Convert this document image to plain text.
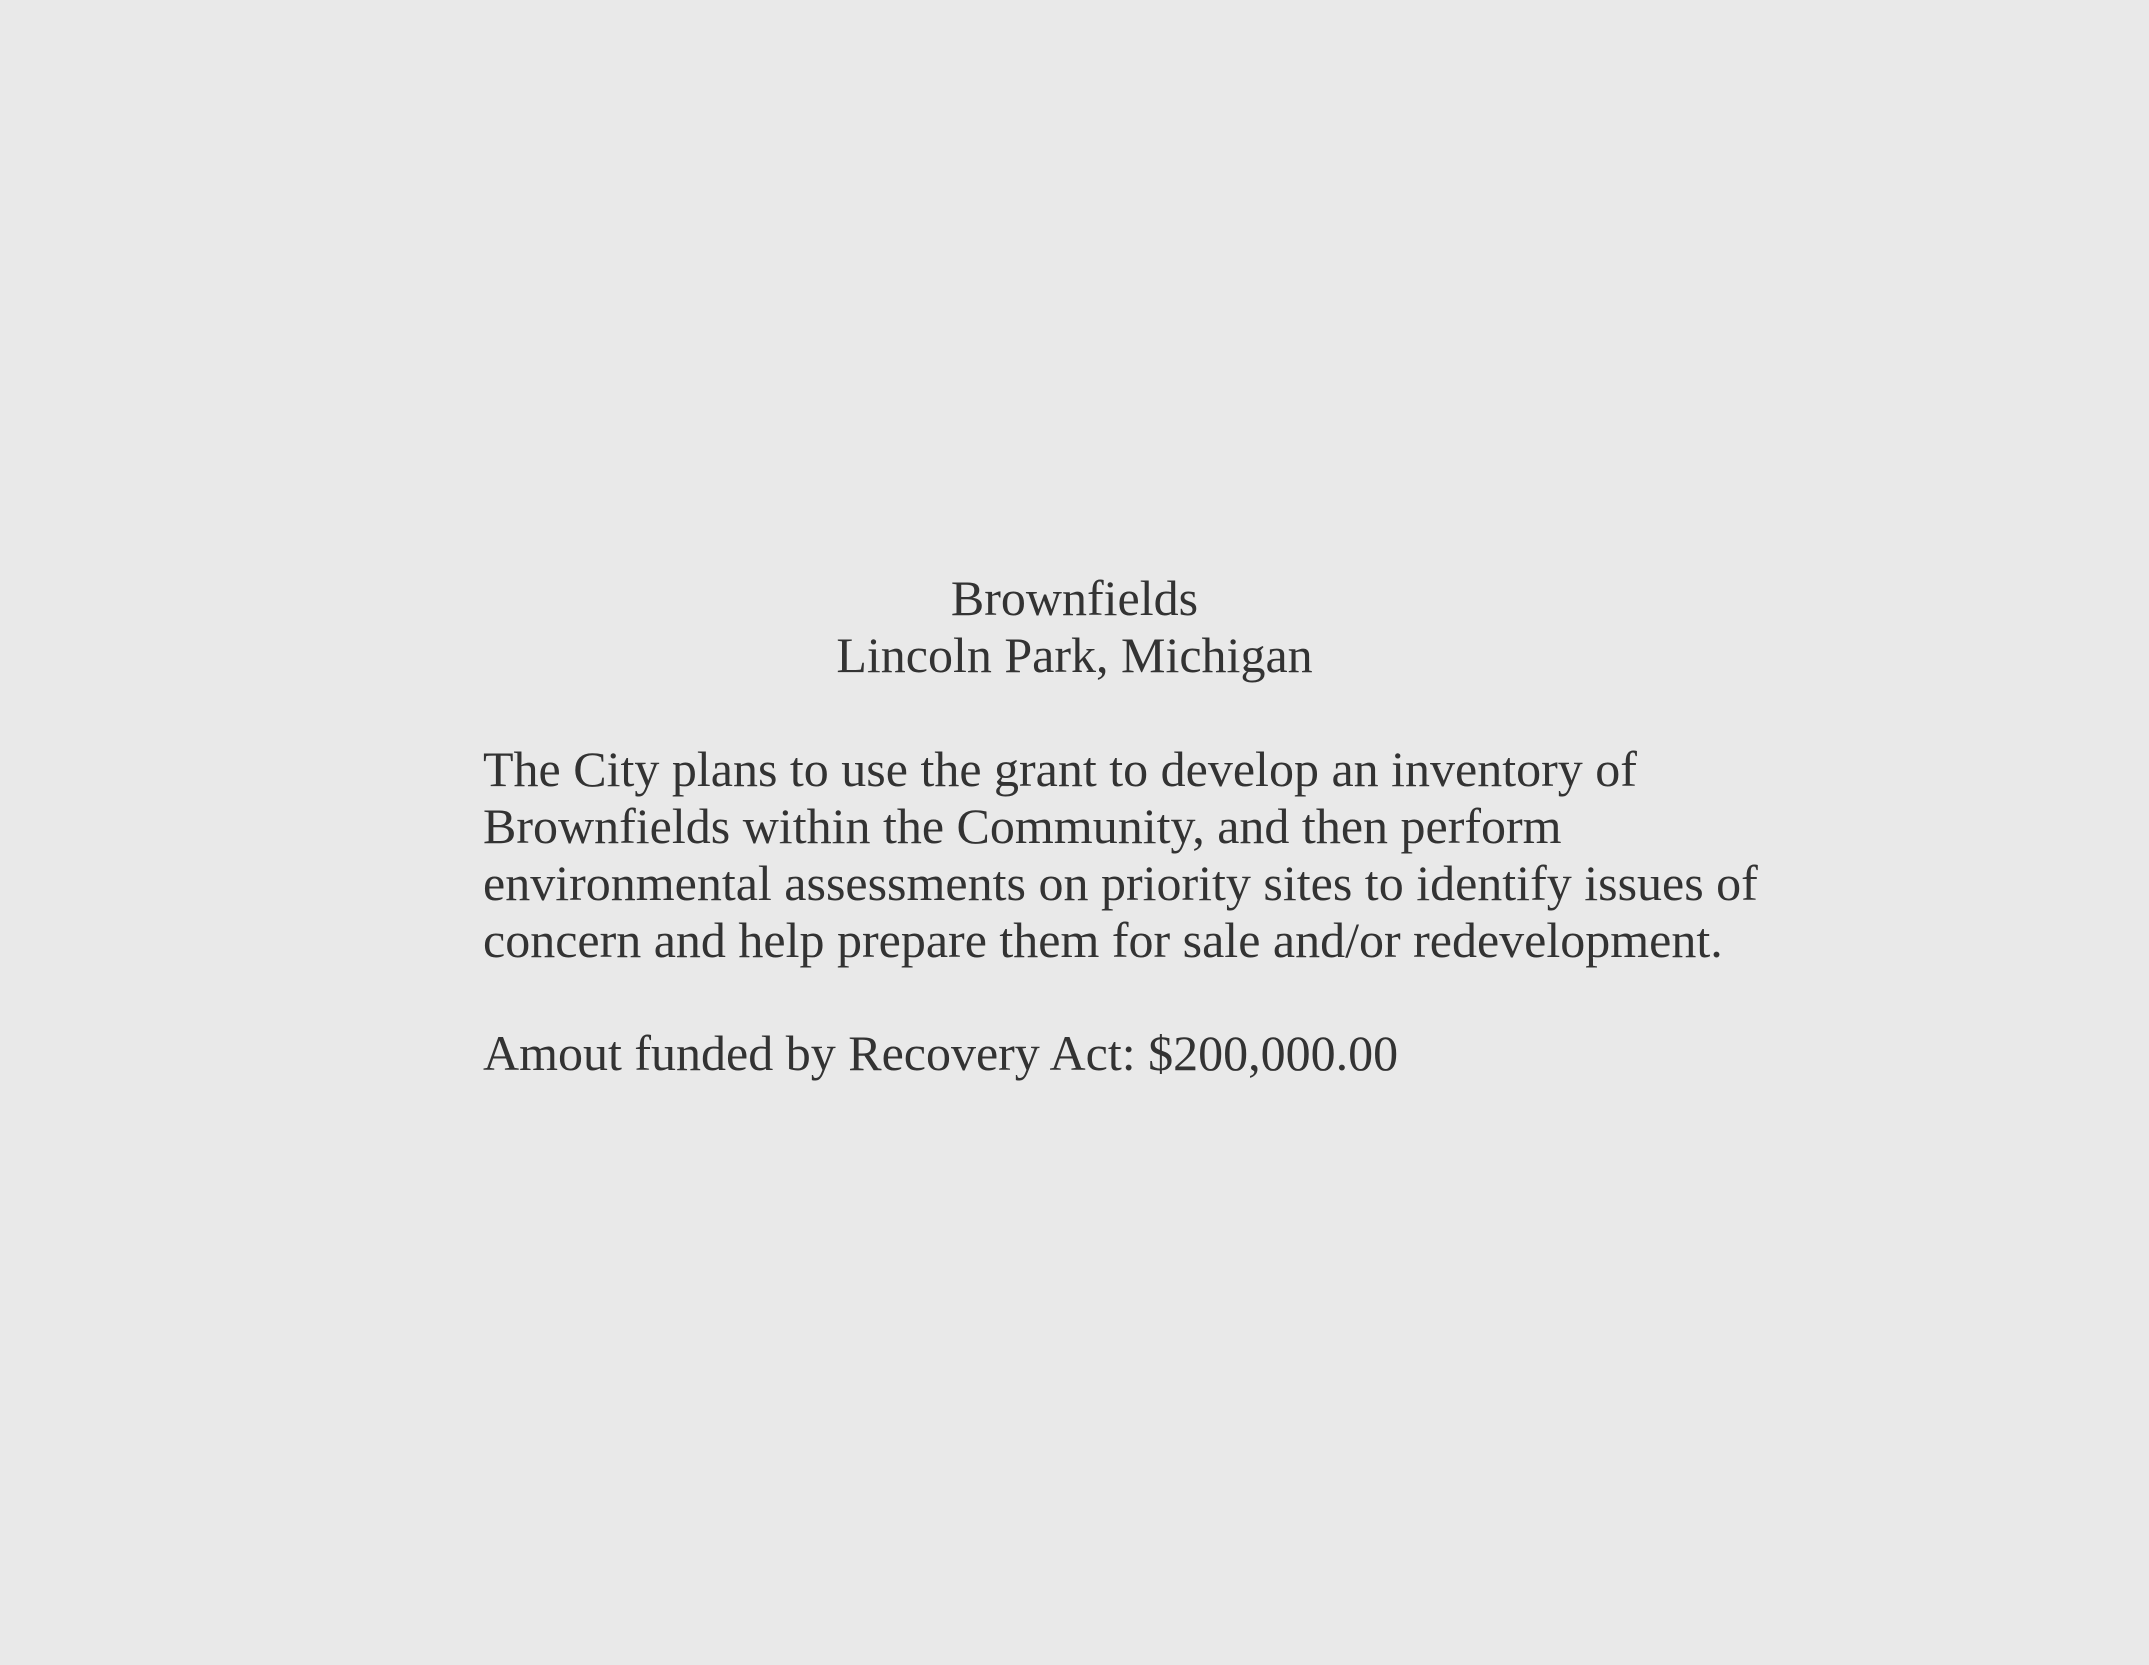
Brownfields
Lincoln Park, Michigan
The City plans to use the grant to develop an inventory of
Brownfields within the Community, and then perform
environmental assessments on priority sites to identify issues of
concern and help prepare them for sale and/or redevelopment.
Amout funded by Recovery Act: $200,000.00
